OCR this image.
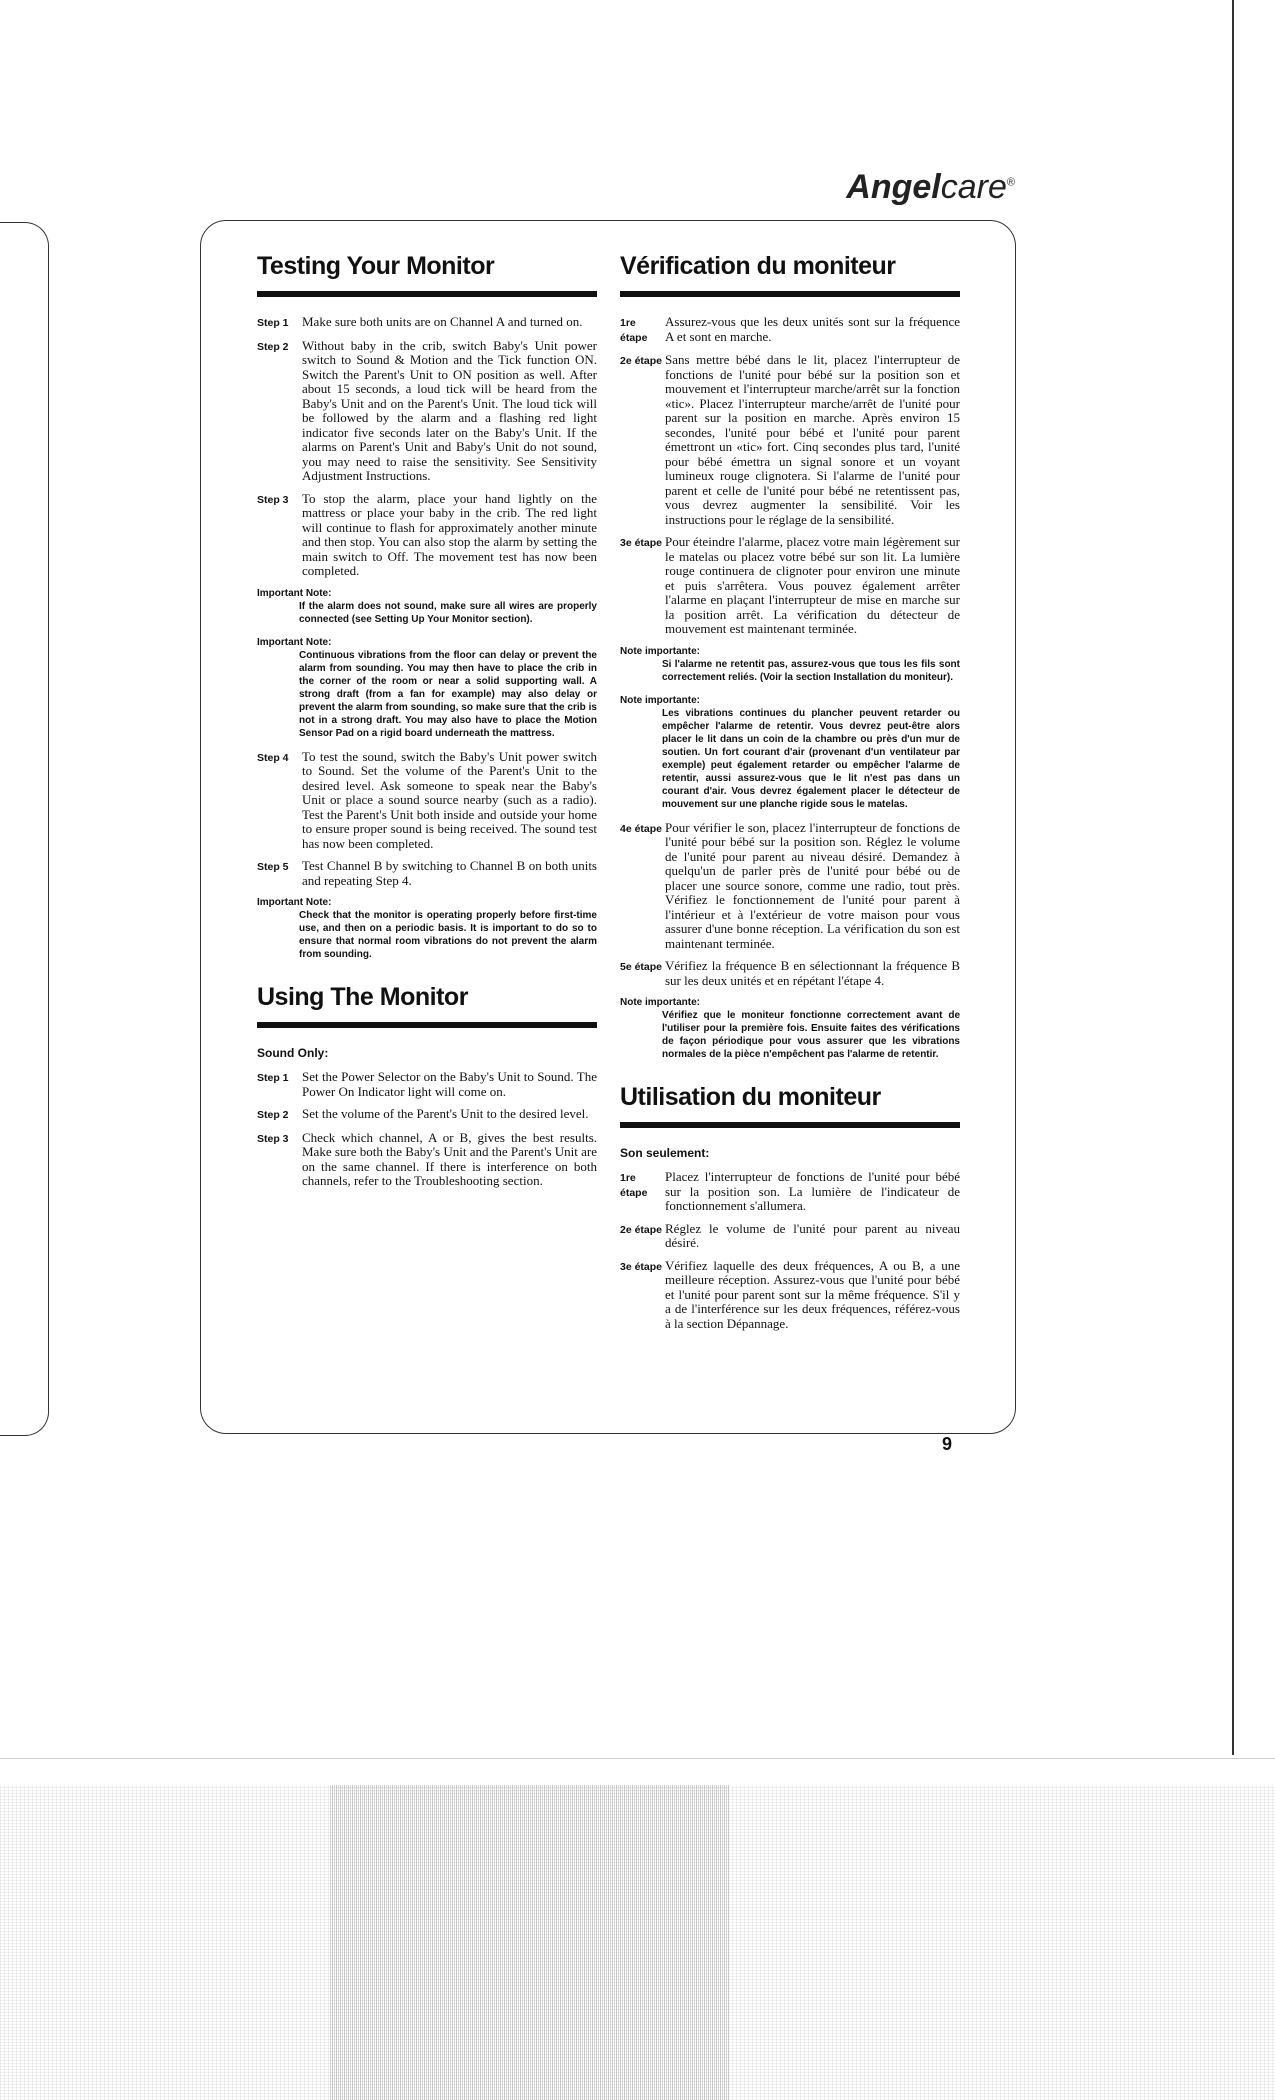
Angelcare®
Testing Your Monitor
Step 1	Make sure both units are on Channel A and turned on.
Step 2	Without baby in the crib, switch Baby's Unit power switch to Sound & Motion and the Tick function ON. Switch the Parent's Unit to ON position as well. After about 15 seconds, a loud tick will be heard from the Baby's Unit and on the Parent's Unit. The loud tick will be followed by the alarm and a flashing red light indicator five seconds later on the Baby's Unit. If the alarms on Parent's Unit and Baby's Unit do not sound, you may need to raise the sensitivity. See Sensitivity Adjustment Instructions.
Step 3	To stop the alarm, place your hand lightly on the mattress or place your baby in the crib. The red light will continue to flash for approximately another minute and then stop. You can also stop the alarm by setting the main switch to Off. The movement test has now been completed.
Important Note:
If the alarm does not sound, make sure all wires are properly connected (see Setting Up Your Monitor section).
Important Note:
Continuous vibrations from the floor can delay or prevent the alarm from sounding. You may then have to place the crib in the corner of the room or near a solid supporting wall. A strong draft (from a fan for example) may also delay or prevent the alarm from sounding, so make sure that the crib is not in a strong draft. You may also have to place the Motion Sensor Pad on a rigid board underneath the mattress.
Step 4	To test the sound, switch the Baby's Unit power switch to Sound. Set the volume of the Parent's Unit to the desired level. Ask someone to speak near the Baby's Unit or place a sound source nearby (such as a radio). Test the Parent's Unit both inside and outside your home to ensure proper sound is being received. The sound test has now been completed.
Step 5	Test Channel B by switching to Channel B on both units and repeating Step 4.
Important Note:
Check that the monitor is operating properly before first-time use, and then on a periodic basis. It is important to do so to ensure that normal room vibrations do not prevent the alarm from sounding.
Using The Monitor
Sound Only:
Step 1	Set the Power Selector on the Baby's Unit to Sound. The Power On Indicator light will come on.
Step 2	Set the volume of the Parent's Unit to the desired level.
Step 3	Check which channel, A or B, gives the best results. Make sure both the Baby's Unit and the Parent's Unit are on the same channel. If there is interference on both channels, refer to the Troubleshooting section.
Vérification du moniteur
1re étape
Assurez-vous que les deux unités sont sur la fréquence A et sont en marche.
2e étape Sans mettre bébé dans le lit, placez l'interrupteur de fonctions de l'unité pour bébé sur la position son et mouvement et l'interrupteur marche/arrêt sur la fonction «tic». Placez l'interrupteur marche/arrêt de l'unité pour parent sur la position en marche. Après environ 15 secondes, l'unité pour bébé et l'unité pour parent émettront un «tic» fort. Cinq secondes plus tard, l'unité pour bébé émettra un signal sonore et un voyant lumineux rouge clignotera. Si l'alarme de l'unité pour parent et celle de l'unité pour bébé ne retentissent pas, vous devrez augmenter la sensibilité. Voir les instructions pour le réglage de la sensibilité.
3e étape Pour éteindre l'alarme, placez votre main légèrement sur le matelas ou placez votre bébé sur son lit. La lumière rouge continuera de clignoter pour environ une minute et puis s'arrêtera. Vous pouvez également arrêter l'alarme en plaçant l'interrupteur de mise en marche sur la position arrêt. La vérification du détecteur de mouvement est maintenant terminée.
Note importante:
Si l'alarme ne retentit pas, assurez-vous que tous les fils sont correctement reliés. (Voir la section Installation du moniteur).
Note importante:
Les vibrations continues du plancher peuvent retarder ou empêcher l'alarme de retentir. Vous devrez peut-être alors placer le lit dans un coin de la chambre ou près d'un mur de soutien. Un fort courant d'air (provenant d'un ventilateur par exemple) peut également retarder ou empêcher l'alarme de retentir, aussi assurez-vous que le lit n'est pas dans un courant d'air. Vous devrez également placer le détecteur de mouvement sur une planche rigide sous le matelas.
4e étape Pour vérifier le son, placez l'interrupteur de fonctions de l'unité pour bébé sur la position son. Réglez le volume de l'unité pour parent au niveau désiré. Demandez à quelqu'un de parler près de l'unité pour bébé ou de placer une source sonore, comme une radio, tout près. Vérifiez le fonctionnement de l'unité pour parent à l'intérieur et à l'extérieur de votre maison pour vous assurer d'une bonne réception. La vérification du son est maintenant terminée.
5e étape Vérifiez la fréquence B en sélectionnant la fréquence B sur les deux unités et en répétant l'étape 4.
Note importante:
Vérifiez que le moniteur fonctionne correctement avant de l'utiliser pour la première fois. Ensuite faites des vérifications de façon périodique pour vous assurer que les vibrations normales de la pièce n'empêchent pas l'alarme de retentir.
Utilisation du moniteur
Son seulement:
1re étape
Placez l'interrupteur de fonctions de l'unité pour bébé sur la position son. La lumière de l'indicateur de fonctionnement s'allumera.
2e étape Réglez le volume de l'unité pour parent au niveau désiré.
3e étape Vérifiez laquelle des deux fréquences, A ou B, a une meilleure réception. Assurez-vous que l'unité pour bébé et l'unité pour parent sont sur la même fréquence. S'il y a de l'interférence sur les deux fréquences, référez-vous à la section Dépannage.
9
